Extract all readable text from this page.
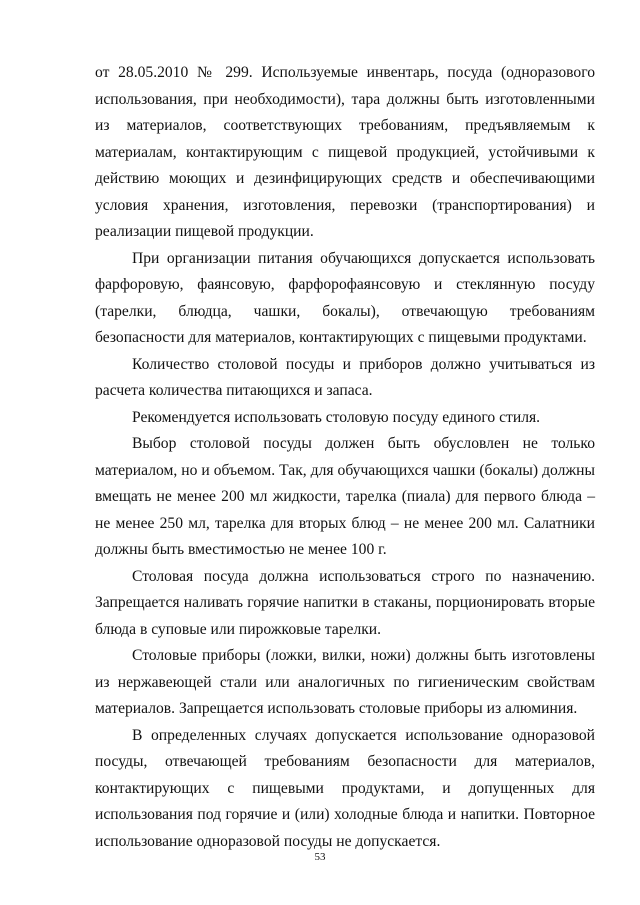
от 28.05.2010 № 299. Используемые инвентарь, посуда (одноразового использования, при необходимости), тара должны быть изготовленными из материалов, соответствующих требованиям, предъявляемым к материалам, контактирующим с пищевой продукцией, устойчивыми к действию моющих и дезинфицирующих средств и обеспечивающими условия хранения, изготовления, перевозки (транспортирования) и реализации пищевой продукции.

При организации питания обучающихся допускается использовать фарфоровую, фаянсовую, фарфорофаянсовую и стеклянную посуду (тарелки, блюдца, чашки, бокалы), отвечающую требованиям безопасности для материалов, контактирующих с пищевыми продуктами.

Количество столовой посуды и приборов должно учитываться из расчета количества питающихся и запаса.

Рекомендуется использовать столовую посуду единого стиля.

Выбор столовой посуды должен быть обусловлен не только материалом, но и объемом. Так, для обучающихся чашки (бокалы) должны вмещать не менее 200 мл жидкости, тарелка (пиала) для первого блюда – не менее 250 мл, тарелка для вторых блюд – не менее 200 мл. Салатники должны быть вместимостью не менее 100 г.

Столовая посуда должна использоваться строго по назначению. Запрещается наливать горячие напитки в стаканы, порционировать вторые блюда в суповые или пирожковые тарелки.

Столовые приборы (ложки, вилки, ножи) должны быть изготовлены из нержавеющей стали или аналогичных по гигиеническим свойствам материалов. Запрещается использовать столовые приборы из алюминия.

В определенных случаях допускается использование одноразовой посуды, отвечающей требованиям безопасности для материалов, контактирующих с пищевыми продуктами, и допущенных для использования под горячие и (или) холодные блюда и напитки. Повторное использование одноразовой посуды не допускается.

53
